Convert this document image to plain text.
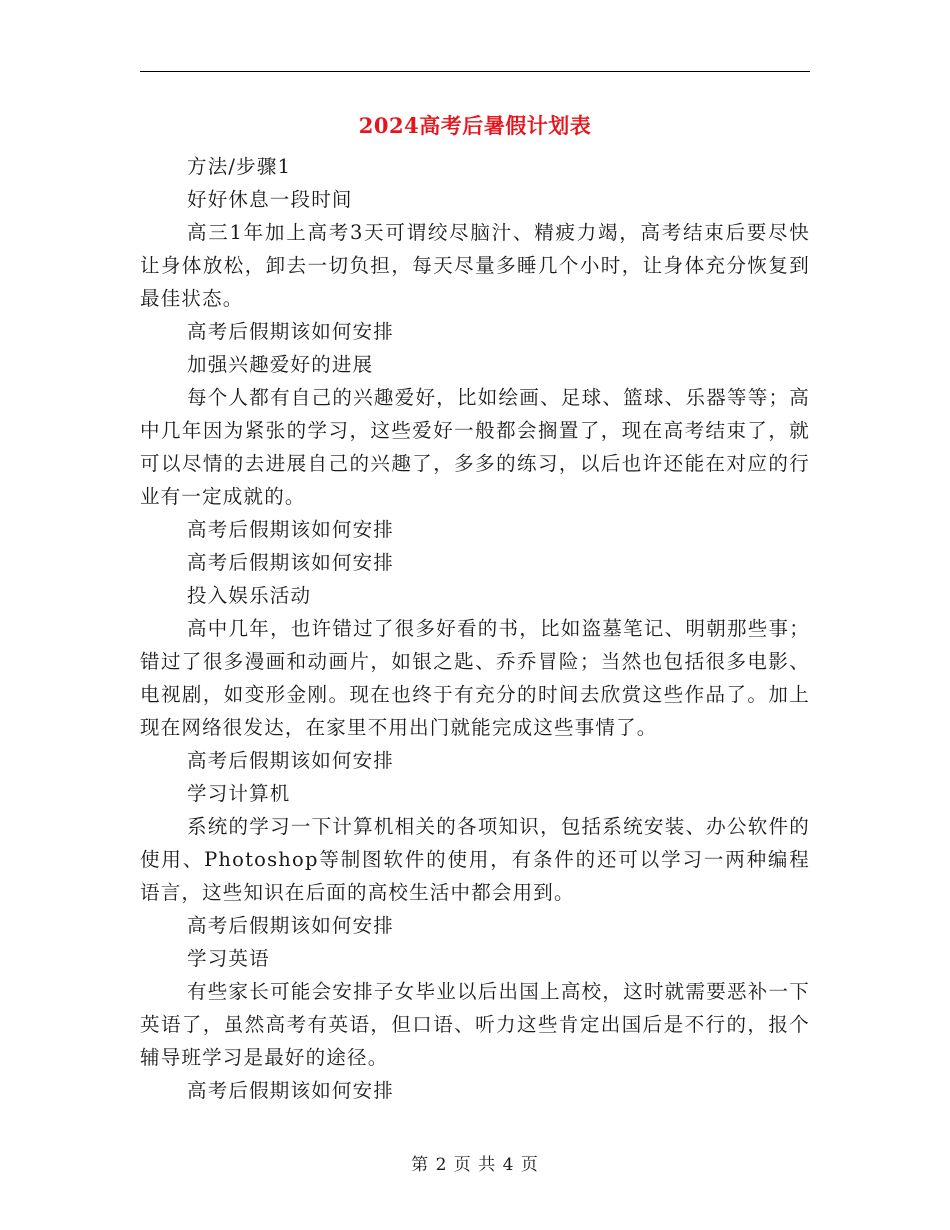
2024高考后暑假计划表

方法/步骤1

好好休息一段时间

高三1年加上高考3天可谓绞尽脑汁、精疲力竭，高考结束后要尽快让身体放松，卸去一切负担，每天尽量多睡几个小时，让身体充分恢复到最佳状态。

高考后假期该如何安排

加强兴趣爱好的进展

每个人都有自己的兴趣爱好，比如绘画、足球、篮球、乐器等等；高中几年因为紧张的学习，这些爱好一般都会搁置了，现在高考结束了，就可以尽情的去进展自己的兴趣了，多多的练习，以后也许还能在对应的行业有一定成就的。

高考后假期该如何安排

高考后假期该如何安排

投入娱乐活动

高中几年，也许错过了很多好看的书，比如盗墓笔记、明朝那些事；错过了很多漫画和动画片，如银之匙、乔乔冒险；当然也包括很多电影、电视剧，如变形金刚。现在也终于有充分的时间去欣赏这些作品了。加上现在网络很发达，在家里不用出门就能完成这些事情了。

高考后假期该如何安排

学习计算机

系统的学习一下计算机相关的各项知识，包括系统安装、办公软件的使用、Photoshop等制图软件的使用，有条件的还可以学习一两种编程语言，这些知识在后面的高校生活中都会用到。

高考后假期该如何安排

学习英语

有些家长可能会安排子女毕业以后出国上高校，这时就需要恶补一下英语了，虽然高考有英语，但口语、听力这些肯定出国后是不行的，报个辅导班学习是最好的途径。

高考后假期该如何安排

第 2 页 共 4 页
